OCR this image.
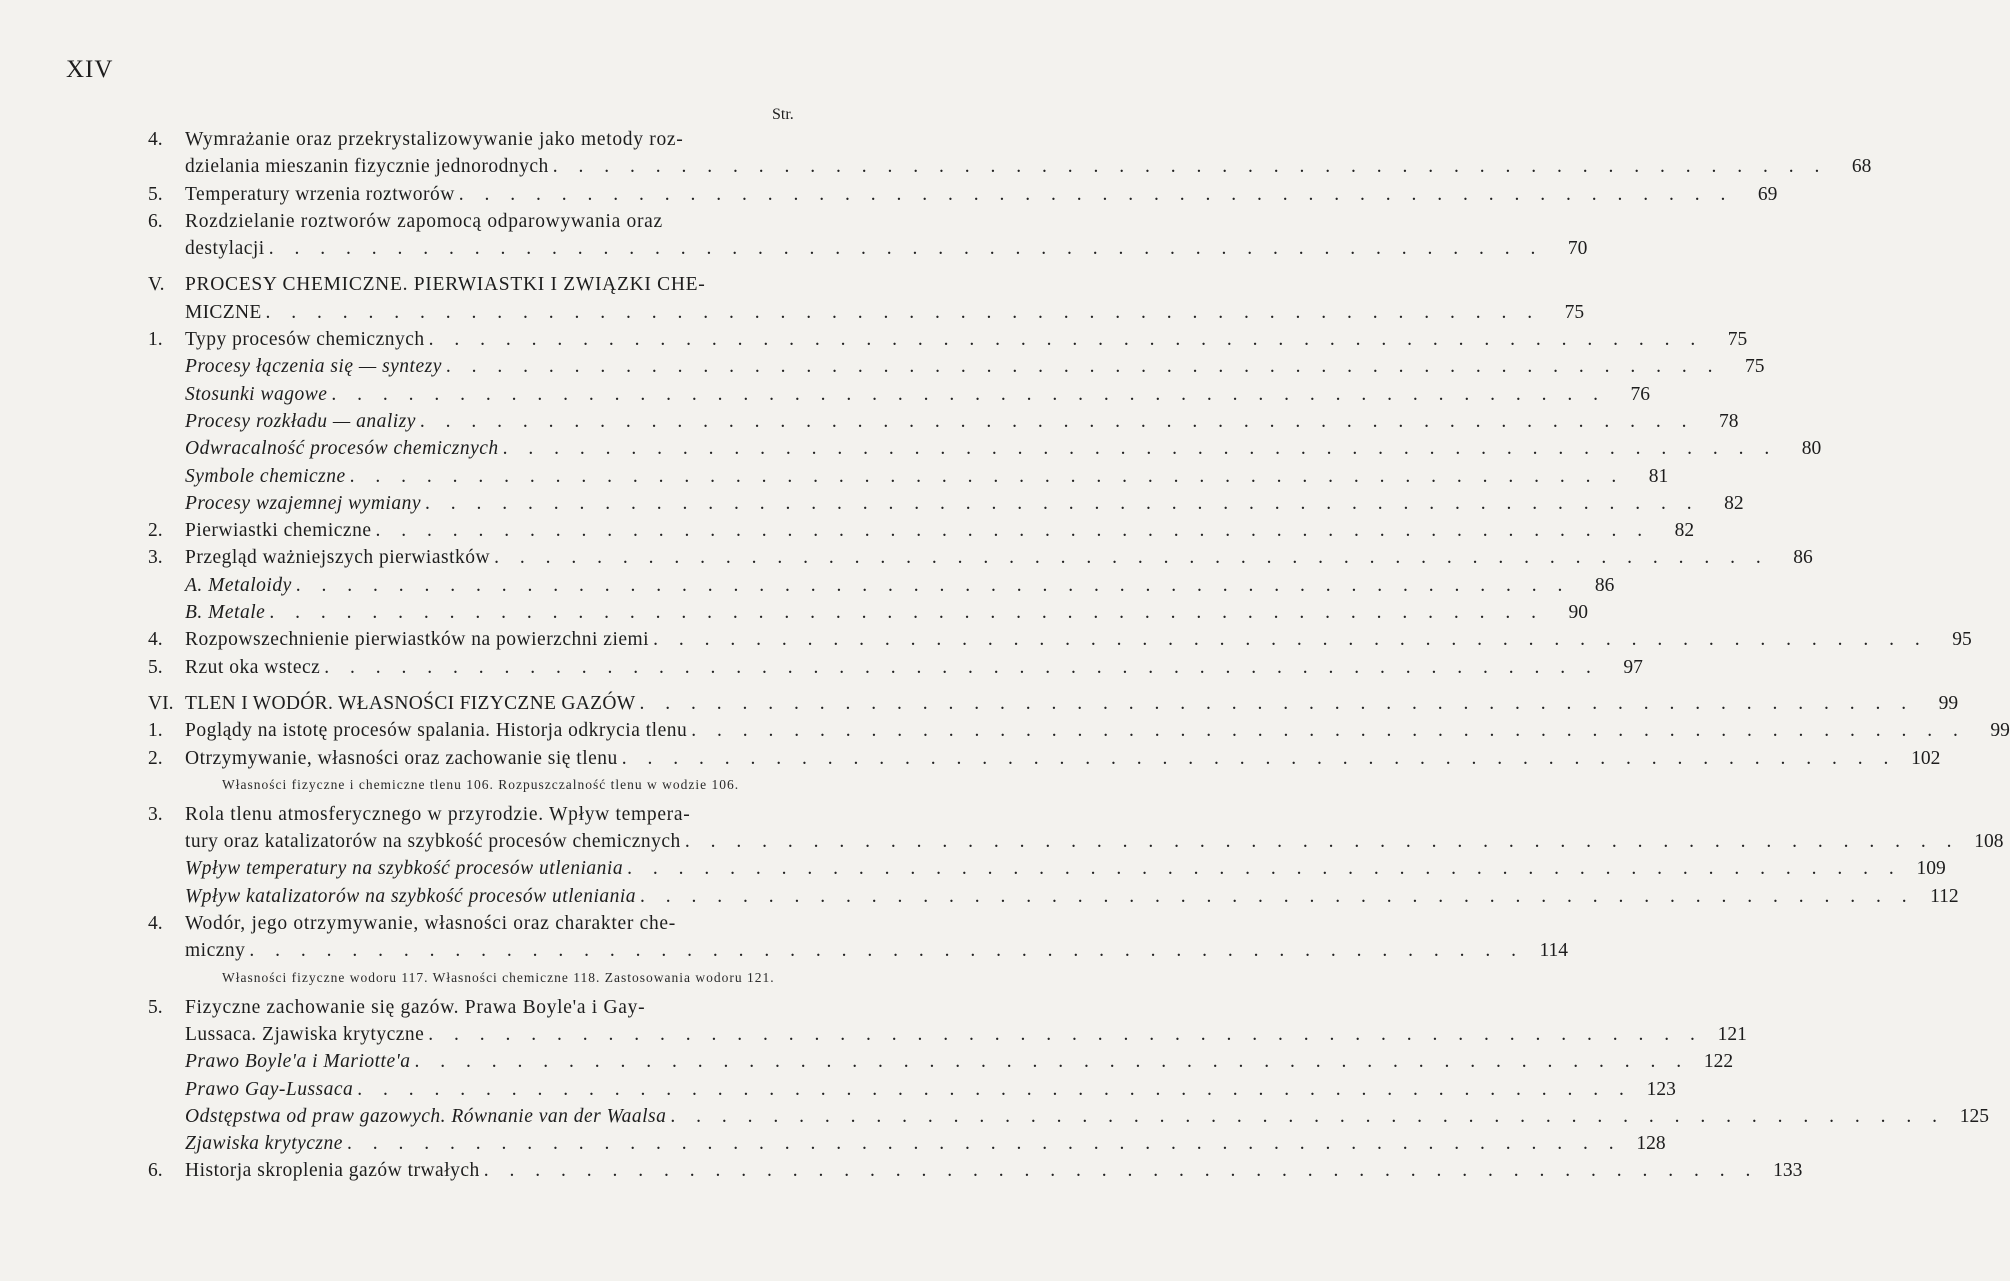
XIV
Str.
4.	Wymrażanie oraz przekrystalizowywanie jako metody roz-
dzielania mieszanin fizycznie jednorodnych . . . . . . . . . . . . . . . . . . . . . . . . . . . . . . . . . . . . . . . . . . . . . . . . . .	68
5.	Temperatury wrzenia roztworów . . . . . . . . . . . . . . . . . . . . . . . . . . . . . . . . . . . . . . . . . . . . . . . . . .	69
6.	Rozdzielanie roztworów zapomocą odparowywania oraz
destylacji . . . . . . . . . . . . . . . . . . . . . . . . . . . . . . . . . . . . . . . . . . . . . . . . . .	70
V.	PROCESY CHEMICZNE. PIERWIASTKI I ZWIĄZKI CHE-
MICZNE . . . . . . . . . . . . . . . . . . . . . . . . . . . . . . . . . . . . . . . . . . . . . . . . . .	75
1.	Typy procesów chemicznych . . . . . . . . . . . . . . . . . . . . . . . . . . . . . . . . . . . . . . . . . . . . . . . . . .	75
Procesy łączenia się — syntezy . . . . . . . . . . . . . . . . . . . . . . . . . . . . . . . . . . . . . . . . . . . . . . . . . .	75
Stosunki wagowe . . . . . . . . . . . . . . . . . . . . . . . . . . . . . . . . . . . . . . . . . . . . . . . . . .	76
Procesy rozkładu — analizy . . . . . . . . . . . . . . . . . . . . . . . . . . . . . . . . . . . . . . . . . . . . . . . . . .	78
Odwracalność procesów chemicznych . . . . . . . . . . . . . . . . . . . . . . . . . . . . . . . . . . . . . . . . . . . . . . . . . .	80
Symbole chemiczne . . . . . . . . . . . . . . . . . . . . . . . . . . . . . . . . . . . . . . . . . . . . . . . . . .	81
Procesy wzajemnej wymiany . . . . . . . . . . . . . . . . . . . . . . . . . . . . . . . . . . . . . . . . . . . . . . . . . .	82
2.	Pierwiastki chemiczne . . . . . . . . . . . . . . . . . . . . . . . . . . . . . . . . . . . . . . . . . . . . . . . . . .	82
3.	Przegląd ważniejszych pierwiastków . . . . . . . . . . . . . . . . . . . . . . . . . . . . . . . . . . . . . . . . . . . . . . . . . .	86
A. Metaloidy . . . . . . . . . . . . . . . . . . . . . . . . . . . . . . . . . . . . . . . . . . . . . . . . . .	86
B. Metale . . . . . . . . . . . . . . . . . . . . . . . . . . . . . . . . . . . . . . . . . . . . . . . . . .	90
4.	Rozpowszechnienie pierwiastków na powierzchni ziemi . . . . . . . . . . . . . . . . . . . . . . . . . . . . . . . . . . . . . . . . . . . . . . . . . .	95
5.	Rzut oka wstecz . . . . . . . . . . . . . . . . . . . . . . . . . . . . . . . . . . . . . . . . . . . . . . . . . .	97
VI. TLEN I WODÓR. WŁASNOŚCI FIZYCZNE GAZÓW . . . . . . . . . . . . . . . . . . . . . . . . . . . . . . . . . . . . . . . . . . . . . . . . . .	99
1.	Poglądy na istotę procesów spalania. Historja odkrycia tlenu . . . . . . . . . . . . . . . . . . . . . . . . . . . . . . . . . . . . . . . . . . . . . . . . . .	99
2.	Otrzymywanie, własności oraz zachowanie się tlenu . . . . . . . . . . . . . . . . . . . . . . . . . . . . . . . . . . . . . . . . . . . . . . . . . . 102
Własności fizyczne i chemiczne tlenu 106. Rozpuszczalność tlenu w wodzie 106.
3.	Rola tlenu atmosferycznego w przyrodzie. Wpływ tempera-
tury oraz katalizatorów na szybkość procesów chemicznych . . . . . . . . . . . . . . . . . . . . . . . . . . . . . . . . . . . . . . . . . . . . . . . . . . 108
Wpływ temperatury na szybkość procesów utleniania . . . . . . . . . . . . . . . . . . . . . . . . . . . . . . . . . . . . . . . . . . . . . . . . . . 109
Wpływ katalizatorów na szybkość procesów utleniania . . . . . . . . . . . . . . . . . . . . . . . . . . . . . . . . . . . . . . . . . . . . . . . . . . 112
4.	Wodór, jego otrzymywanie, własności oraz charakter che-
miczny . . . . . . . . . . . . . . . . . . . . . . . . . . . . . . . . . . . . . . . . . . . . . . . . . . 114
Własności fizyczne wodoru 117. Własności chemiczne 118. Zastosowania wodoru 121.
5.	Fizyczne zachowanie się gazów. Prawa Boyle'a i Gay-
Lussaca. Zjawiska krytyczne . . . . . . . . . . . . . . . . . . . . . . . . . . . . . . . . . . . . . . . . . . . . . . . . . . 121
Prawo Boyle'a i Mariotte'a . . . . . . . . . . . . . . . . . . . . . . . . . . . . . . . . . . . . . . . . . . . . . . . . . . 122
Prawo Gay-Lussaca . . . . . . . . . . . . . . . . . . . . . . . . . . . . . . . . . . . . . . . . . . . . . . . . . . 123
Odstępstwa od praw gazowych. Równanie van der Waalsa . . . . . . . . . . . . . . . . . . . . . . . . . . . . . . . . . . . . . . . . . . . . . . . . . . 125
Zjawiska krytyczne . . . . . . . . . . . . . . . . . . . . . . . . . . . . . . . . . . . . . . . . . . . . . . . . . . 128
6.	Historja skroplenia gazów trwałych . . . . . . . . . . . . . . . . . . . . . . . . . . . . . . . . . . . . . . . . . . . . . . . . . . 133
